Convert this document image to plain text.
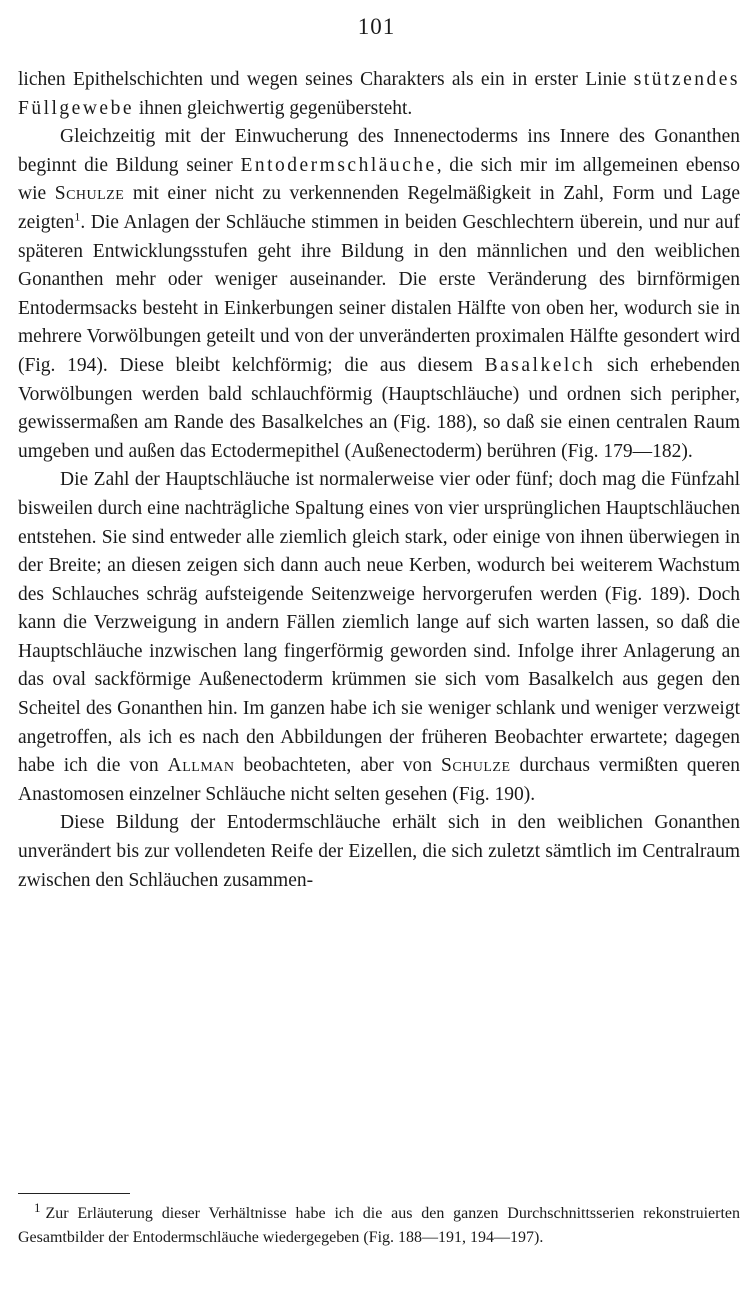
101

lichen Epithelschichten und wegen seines Charakters als ein in erster Linie stützendes Füllgewebe ihnen gleichwertig gegenübersteht.

Gleichzeitig mit der Einwucherung des Innenectoderms ins Innere des Gonanthen beginnt die Bildung seiner Entodermschläuche, die sich mir im allgemeinen ebenso wie Schulze mit einer nicht zu verkennenden Regelmäßigkeit in Zahl, Form und Lage zeigten$^1$. Die Anlagen der Schläuche stimmen in beiden Geschlechtern überein, und nur auf späteren Entwicklungsstufen geht ihre Bildung in den männlichen und den weiblichen Gonanthen mehr oder weniger auseinander. Die erste Veränderung des birnförmigen Entodermsacks besteht in Einkerbungen seiner distalen Hälfte von oben her, wodurch sie in mehrere Vorwölbungen geteilt und von der unveränderten proximalen Hälfte gesondert wird (Fig. 194). Diese bleibt kelchförmig; die aus diesem Basalkelch sich erhebenden Vorwölbungen werden bald schlauchförmig (Hauptschläuche) und ordnen sich peripher, gewissermaßen am Rande des Basalkelches an (Fig. 188), so daß sie einen centralen Raum umgeben und außen das Ectodermepithel (Außenectoderm) berühren (Fig. 179—182).

Die Zahl der Hauptschläuche ist normalerweise vier oder fünf; doch mag die Fünfzahl bisweilen durch eine nachträgliche Spaltung eines von vier ursprünglichen Hauptschläuchen entstehen. Sie sind entweder alle ziemlich gleich stark, oder einige von ihnen überwiegen in der Breite; an diesen zeigen sich dann auch neue Kerben, wodurch bei weiterem Wachstum des Schlauches schräg aufsteigende Seitenzweige hervorgerufen werden (Fig. 189). Doch kann die Verzweigung in andern Fällen ziemlich lange auf sich warten lassen, so daß die Hauptschläuche inzwischen lang fingerförmig geworden sind. Infolge ihrer Anlagerung an das oval sackförmige Außenectoderm krümmen sie sich vom Basalkelch aus gegen den Scheitel des Gonanthen hin. Im ganzen habe ich sie weniger schlank und weniger verzweigt angetroffen, als ich es nach den Abbildungen der früheren Beobachter erwartete; dagegen habe ich die von Allman beobachteten, aber von Schulze durchaus vermißten queren Anastomosen einzelner Schläuche nicht selten gesehen (Fig. 190).

Diese Bildung der Entodermschläuche erhält sich in den weiblichen Gonanthen unverändert bis zur vollendeten Reife der Eizellen, die sich zuletzt sämtlich im Centralraum zwischen den Schläuchen zusammen-

$^1$ Zur Erläuterung dieser Verhältnisse habe ich die aus den ganzen Durchschnittsserien rekonstruierten Gesamtbilder der Entodermschläuche wiedergegeben (Fig. 188—191, 194—197).
